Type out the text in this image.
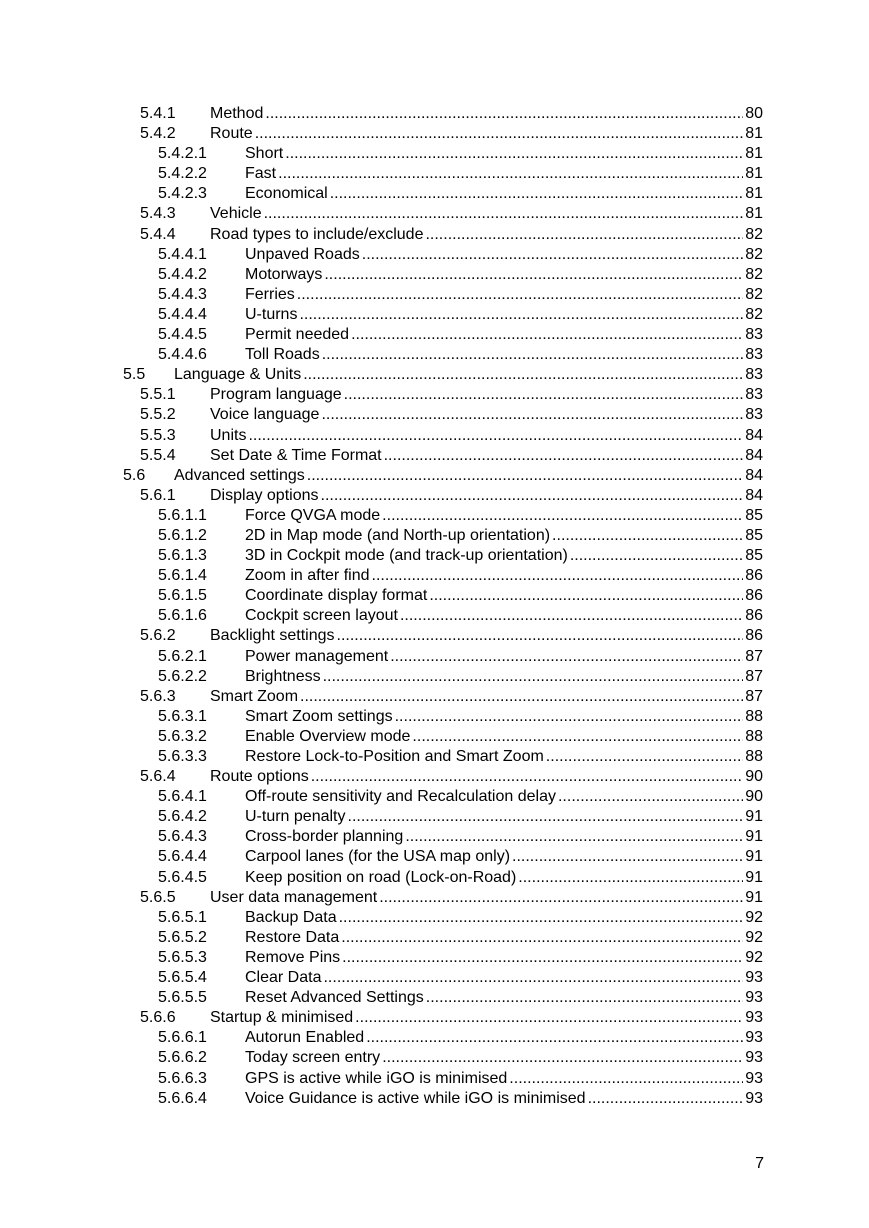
5.4.1 Method .....	80
5.4.2 Route .....	81
5.4.2.1 Short .....	81
5.4.2.2 Fast .....	81
5.4.2.3 Economical .....	81
5.4.3 Vehicle .....	81
5.4.4 Road types to include/exclude .....	82
5.4.4.1 Unpaved Roads .....	82
5.4.4.2 Motorways .....	82
5.4.4.3 Ferries .....	82
5.4.4.4 U-turns .....	82
5.4.4.5 Permit needed .....	83
5.4.4.6 Toll Roads .....	83
5.5 Language & Units .....	83
5.5.1 Program language .....	83
5.5.2 Voice language .....	83
5.5.3 Units .....	84
5.5.4 Set Date & Time Format .....	84
5.6 Advanced settings .....	84
5.6.1 Display options .....	84
5.6.1.1 Force QVGA mode .....	85
5.6.1.2 2D in Map mode (and North-up orientation) .....	85
5.6.1.3 3D in Cockpit mode (and track-up orientation) .....	85
5.6.1.4 Zoom in after find .....	86
5.6.1.5 Coordinate display format .....	86
5.6.1.6 Cockpit screen layout .....	86
5.6.2 Backlight settings .....	86
5.6.2.1 Power management .....	87
5.6.2.2 Brightness .....	87
5.6.3 Smart Zoom .....	87
5.6.3.1 Smart Zoom settings .....	88
5.6.3.2 Enable Overview mode .....	88
5.6.3.3 Restore Lock-to-Position and Smart Zoom .....	88
5.6.4 Route options .....	90
5.6.4.1 Off-route sensitivity and Recalculation delay .....	90
5.6.4.2 U-turn penalty .....	91
5.6.4.3 Cross-border planning .....	91
5.6.4.4 Carpool lanes (for the USA map only) .....	91
5.6.4.5 Keep position on road (Lock-on-Road) .....	91
5.6.5 User data management .....	91
5.6.5.1 Backup Data .....	92
5.6.5.2 Restore Data .....	92
5.6.5.3 Remove Pins .....	92
5.6.5.4 Clear Data .....	93
5.6.5.5 Reset Advanced Settings .....	93
5.6.6 Startup & minimised .....	93
5.6.6.1 Autorun Enabled .....	93
5.6.6.2 Today screen entry .....	93
5.6.6.3 GPS is active while iGO is minimised .....	93
5.6.6.4 Voice Guidance is active while iGO is minimised .....	93
7
